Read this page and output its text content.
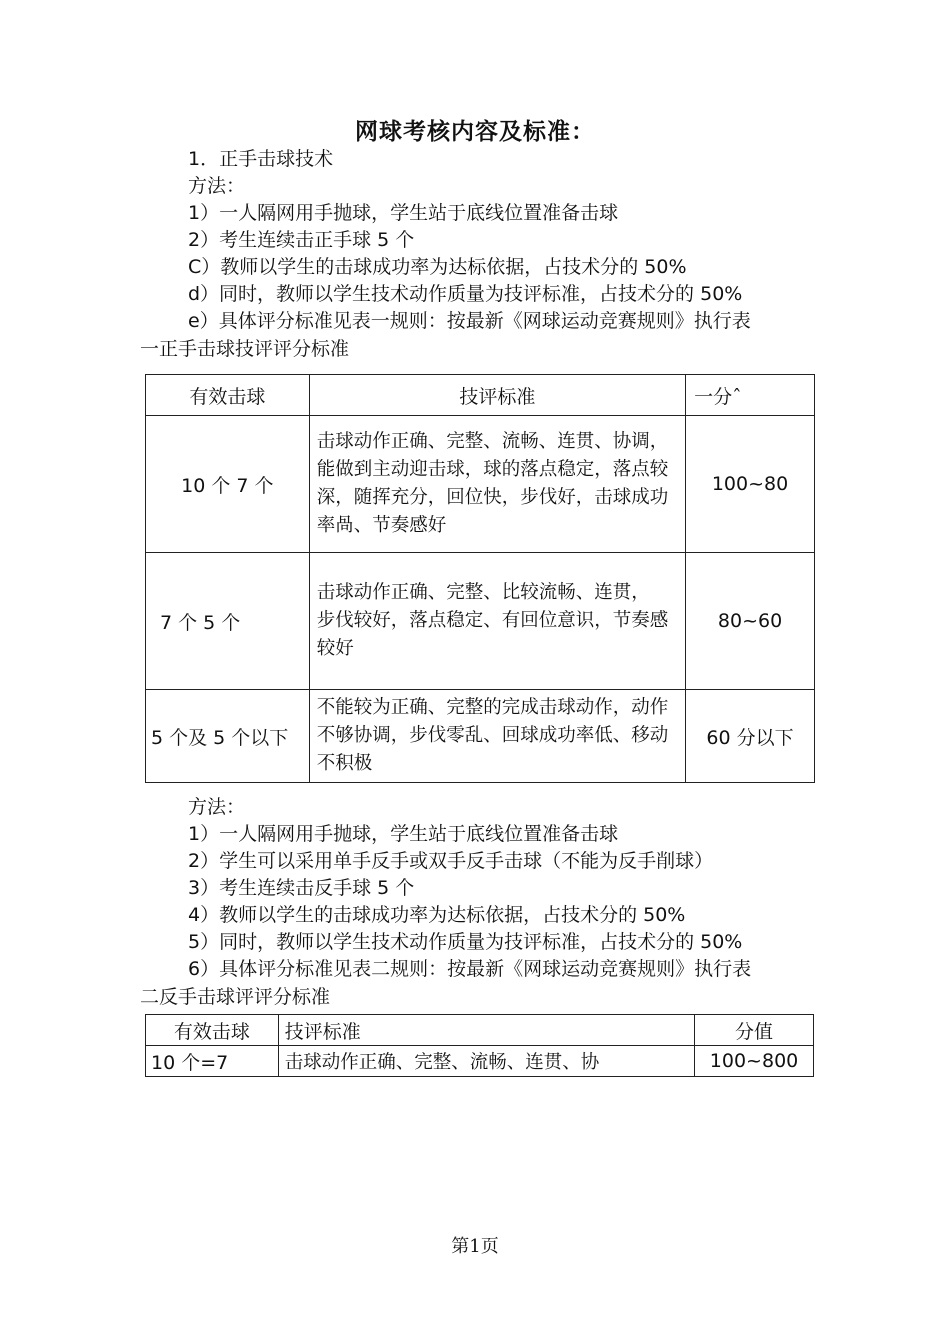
网球考核内容及标准：
1．正手击球技术
方法：
1）一人隔网用手抛球，学生站于底线位置准备击球
2）考生连续击正手球 5 个
C）教师以学生的击球成功率为达标依据，占技术分的 50%
d）同时，教师以学生技术动作质量为技评标准，占技术分的 50%
e）具体评分标准见表一规则：按最新《网球运动竞赛规则》执行表
一正手击球技评评分标准
有效击球	技评标准	一分ˆ
10 个 7 个	击球动作正确、完整、流畅、连贯、协调，能做到主动迎击球，球的落点稳定，落点较深，随挥充分，回位快，步伐好，击球成功率咼、节奏感好	100~80
7 个 5 个	击球动作正确、完整、比较流畅、连贯，
步伐较好，落点稳定、有回位意识，节奏感较好	80~60
5 个及 5 个以下	不能较为正确、完整的完成击球动作，动作不够协调，步伐零乱、回球成功率低、移动不积极	60 分以下
方法：
1）一人隔网用手抛球，学生站于底线位置准备击球
2）学生可以采用单手反手或双手反手击球（不能为反手削球）
3）考生连续击反手球 5 个
4）教师以学生的击球成功率为达标依据，占技术分的 50%
5）同时，教师以学生技术动作质量为技评标准，占技术分的 50%
6）具体评分标准见表二规则：按最新《网球运动竞赛规则》执行表
二反手击球评评分标准
有效击球	技评标准	分值
10 个=7	击球动作正确、完整、流畅、连贯、协	100~800
第1页
